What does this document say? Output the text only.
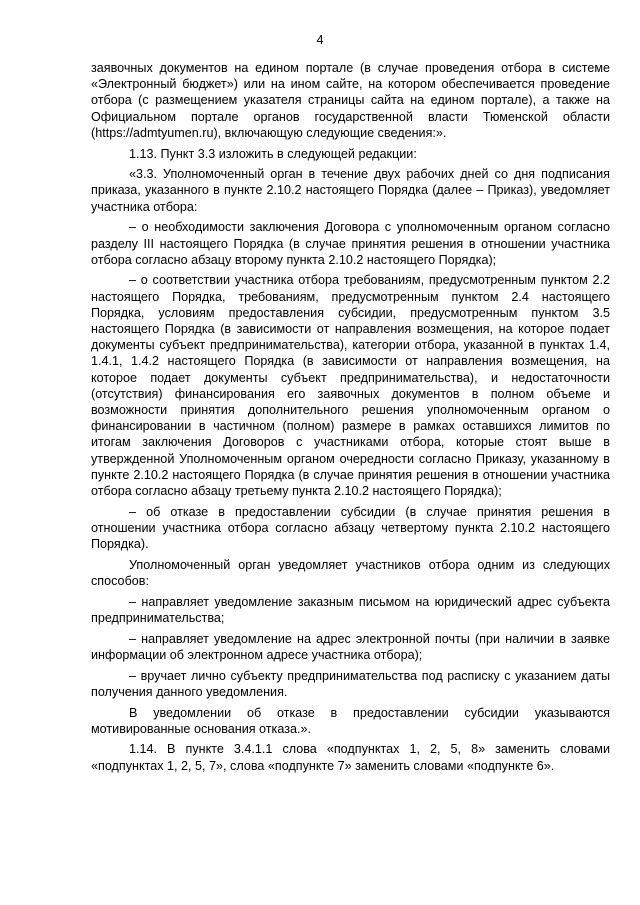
4

заявочных документов на едином портале (в случае проведения отбора в системе «Электронный бюджет») или на ином сайте, на котором обеспечивается проведение отбора (с размещением указателя страницы сайта на едином портале), а также на Официальном портале органов государственной власти Тюменской области (https://admtyumen.ru), включающую следующие сведения:».

1.13. Пункт 3.3 изложить в следующей редакции:

«3.3. Уполномоченный орган в течение двух рабочих дней со дня подписания приказа, указанного в пункте 2.10.2 настоящего Порядка (далее – Приказ), уведомляет участника отбора:

– о необходимости заключения Договора с уполномоченным органом согласно разделу III настоящего Порядка (в случае принятия решения в отношении участника отбора согласно абзацу второму пункта 2.10.2 настоящего Порядка);

– о соответствии участника отбора требованиям, предусмотренным пунктом 2.2 настоящего Порядка, требованиям, предусмотренным пунктом 2.4 настоящего Порядка, условиям предоставления субсидии, предусмотренным пунктом 3.5 настоящего Порядка (в зависимости от направления возмещения, на которое подает документы субъект предпринимательства), категории отбора, указанной в пунктах 1.4, 1.4.1, 1.4.2 настоящего Порядка (в зависимости от направления возмещения, на которое подает документы субъект предпринимательства), и недостаточности (отсутствия) финансирования его заявочных документов в полном объеме и возможности принятия дополнительного решения уполномоченным органом о финансировании в частичном (полном) размере в рамках оставшихся лимитов по итогам заключения Договоров с участниками отбора, которые стоят выше в утвержденной Уполномоченным органом очередности согласно Приказу, указанному в пункте 2.10.2 настоящего Порядка (в случае принятия решения в отношении участника отбора согласно абзацу третьему пункта 2.10.2 настоящего Порядка);

– об отказе в предоставлении субсидии (в случае принятия решения в отношении участника отбора согласно абзацу четвертому пункта 2.10.2 настоящего Порядка).

Уполномоченный орган уведомляет участников отбора одним из следующих способов:

– направляет уведомление заказным письмом на юридический адрес субъекта предпринимательства;

– направляет уведомление на адрес электронной почты (при наличии в заявке информации об электронном адресе участника отбора);

– вручает лично субъекту предпринимательства под расписку с указанием даты получения данного уведомления.

В уведомлении об отказе в предоставлении субсидии указываются мотивированные основания отказа.».

1.14. В пункте 3.4.1.1 слова «подпунктах 1, 2, 5, 8» заменить словами «подпунктах 1, 2, 5, 7», слова «подпункте 7» заменить словами «подпункте 6».
